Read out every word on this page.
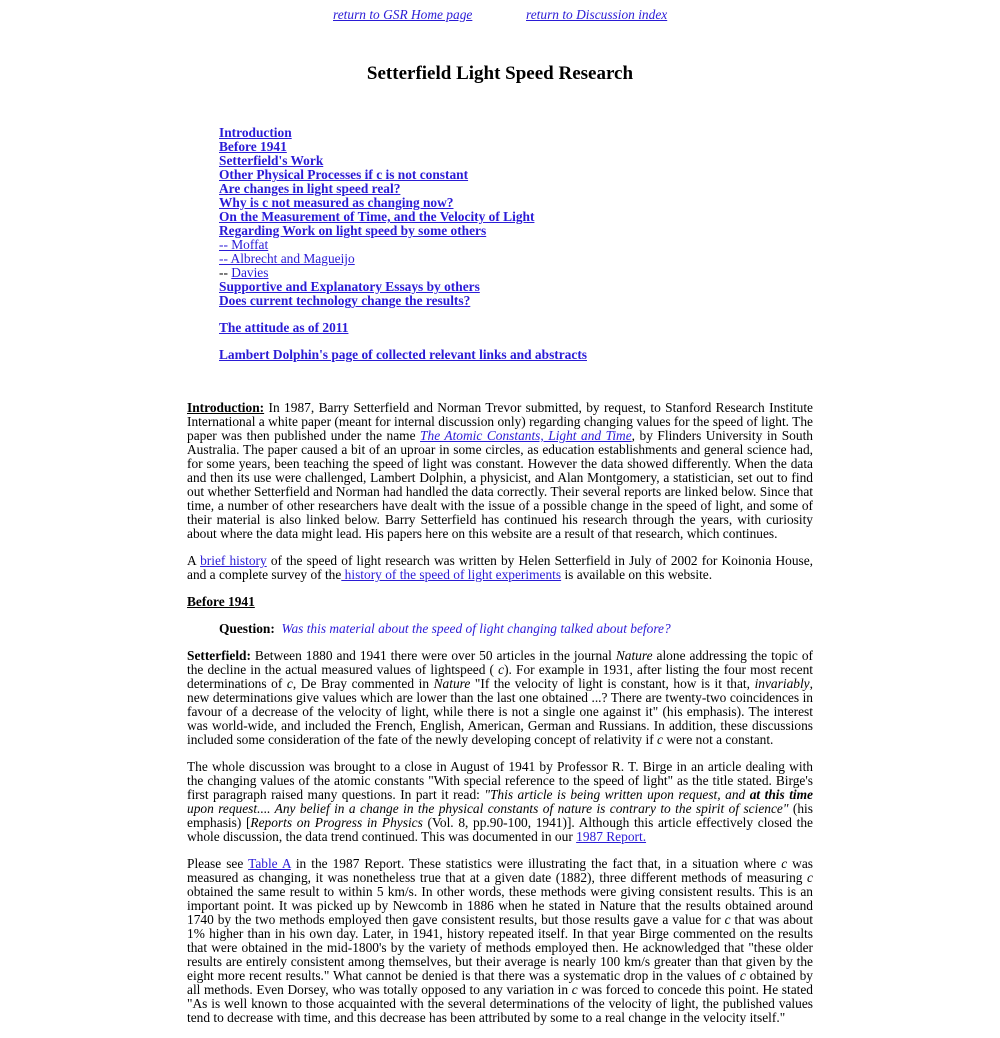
return to GSR Home page	return to Discussion index
Setterfield Light Speed Research
Introduction
Before 1941
Setterfield's Work
Other Physical Processes if c is not constant
Are changes in light speed real?
Why is c not measured as changing now?
On the Measurement of Time, and the Velocity of Light
Regarding Work on light speed by some others
-- Moffat
-- Albrecht and Magueijo
-- Davies
Supportive and Explanatory Essays by others
Does current technology change the results?
The attitude as of 2011
Lambert Dolphin's page of collected relevant links and abstracts

Introduction: In 1987, Barry Setterfield and Norman Trevor submitted, by request, to Stanford Research Institute International a white paper (meant for internal discussion only) regarding changing values for the speed of light. The paper was then published under the name The Atomic Constants, Light and Time, by Flinders University in South Australia. The paper caused a bit of an uproar in some circles, as education establishments and general science had, for some years, been teaching the speed of light was constant. However the data showed differently. When the data and then its use were challenged, Lambert Dolphin, a physicist, and Alan Montgomery, a statistician, set out to find out whether Setterfield and Norman had handled the data correctly. Their several reports are linked below. Since that time, a number of other researchers have dealt with the issue of a possible change in the speed of light, and some of their material is also linked below. Barry Setterfield has continued his research through the years, with curiosity about where the data might lead. His papers here on this website are a result of that research, which continues.

A brief history of the speed of light research was written by Helen Setterfield in July of 2002 for Koinonia House, and a complete survey of the history of the speed of light experiments is available on this website.

Before 1941

Question: Was this material about the speed of light changing talked about before?

Setterfield: Between 1880 and 1941 there were over 50 articles in the journal Nature alone addressing the topic of the decline in the actual measured values of lightspeed ( c). For example in 1931, after listing the four most recent determinations of c, De Bray commented in Nature "If the velocity of light is constant, how is it that, invariably, new determinations give values which are lower than the last one obtained ...? There are twenty-two coincidences in favour of a decrease of the velocity of light, while there is not a single one against it" (his emphasis). The interest was world-wide, and included the French, English, American, German and Russians. In addition, these discussions included some consideration of the fate of the newly developing concept of relativity if c were not a constant.

The whole discussion was brought to a close in August of 1941 by Professor R. T. Birge in an article dealing with the changing values of the atomic constants "With special reference to the speed of light" as the title stated. Birge's first paragraph raised many questions. In part it read: "This article is being written upon request, and at this time upon request.... Any belief in a change in the physical constants of nature is contrary to the spirit of science" (his emphasis) [Reports on Progress in Physics (Vol. 8, pp.90-100, 1941)]. Although this article effectively closed the whole discussion, the data trend continued. This was documented in our 1987 Report.

Please see Table A in the 1987 Report. These statistics were illustrating the fact that, in a situation where c was measured as changing, it was nonetheless true that at a given date (1882), three different methods of measuring c obtained the same result to within 5 km/s. In other words, these methods were giving consistent results. This is an important point. It was picked up by Newcomb in 1886 when he stated in Nature that the results obtained around 1740 by the two methods employed then gave consistent results, but those results gave a value for c that was about 1% higher than in his own day. Later, in 1941, history repeated itself. In that year Birge commented on the results that were obtained in the mid-1800's by the variety of methods employed then. He acknowledged that "these older results are entirely consistent among themselves, but their average is nearly 100 km/s greater than that given by the eight more recent results." What cannot be denied is that there was a systematic drop in the values of c obtained by all methods. Even Dorsey, who was totally opposed to any variation in c was forced to concede this point. He stated "As is well known to those acquainted with the several determinations of the velocity of light, the published values tend to decrease with time, and this decrease has been attributed by some to a real change in the velocity itself."
